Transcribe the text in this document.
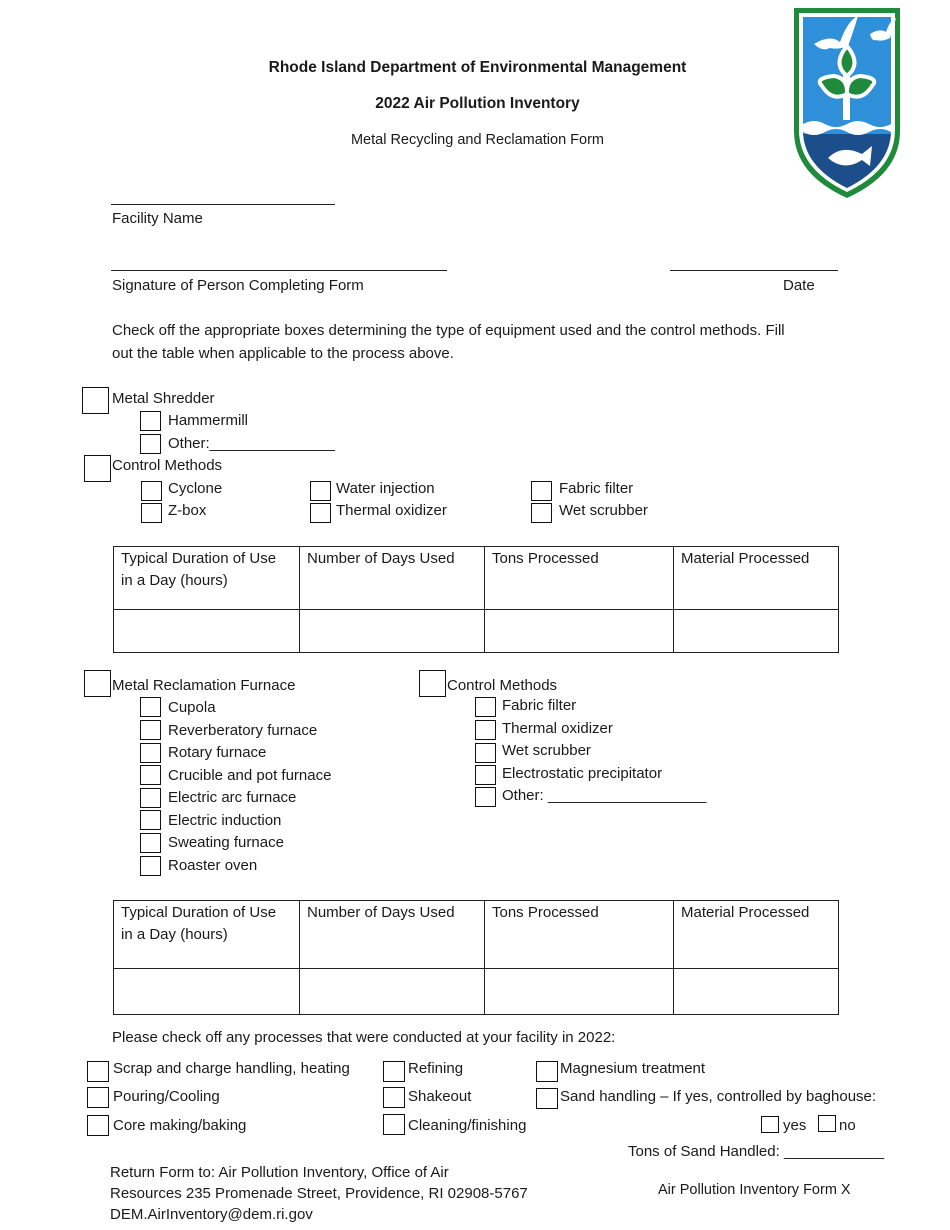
Rhode Island Department of Environmental Management
2022 Air Pollution Inventory
Metal Recycling and Reclamation Form
Facility Name
Signature of Person Completing Form	Date
Check off the appropriate boxes determining the type of equipment used and the control methods. Fill
out the table when applicable to the process above.
Metal Shredder
Hammermill
Other:_______________
Control Methods
Cyclone
Z-box
Water injection
Thermal oxidizer
Fabric filter
Wet scrubber
Typical Duration of Use
in a Day (hours)	Number of Days Used	Tons Processed	Material Processed

Metal Reclamation Furnace
Cupola
Reverberatory furnace
Rotary furnace
Crucible and pot furnace
Electric arc furnace
Electric induction
Sweating furnace
Roaster oven
Control Methods
Fabric filter
Thermal oxidizer
Wet scrubber
Electrostatic precipitator
Other: ___________________
Typical Duration of Use
in a Day (hours)	Number of Days Used	Tons Processed	Material Processed

Please check off any processes that were conducted at your facility in 2022:
Scrap and charge handling, heating
Pouring/Cooling
Core making/baking
Refining
Shakeout
Cleaning/finishing
Magnesium treatment
Sand handling – If yes, controlled by baghouse:
yes no
Tons of Sand Handled: ____________
Return Form to: Air Pollution Inventory, Office of Air
Resources 235 Promenade Street, Providence, RI 02908-5767
DEM.AirInventory@dem.ri.gov
Air Pollution Inventory Form X
